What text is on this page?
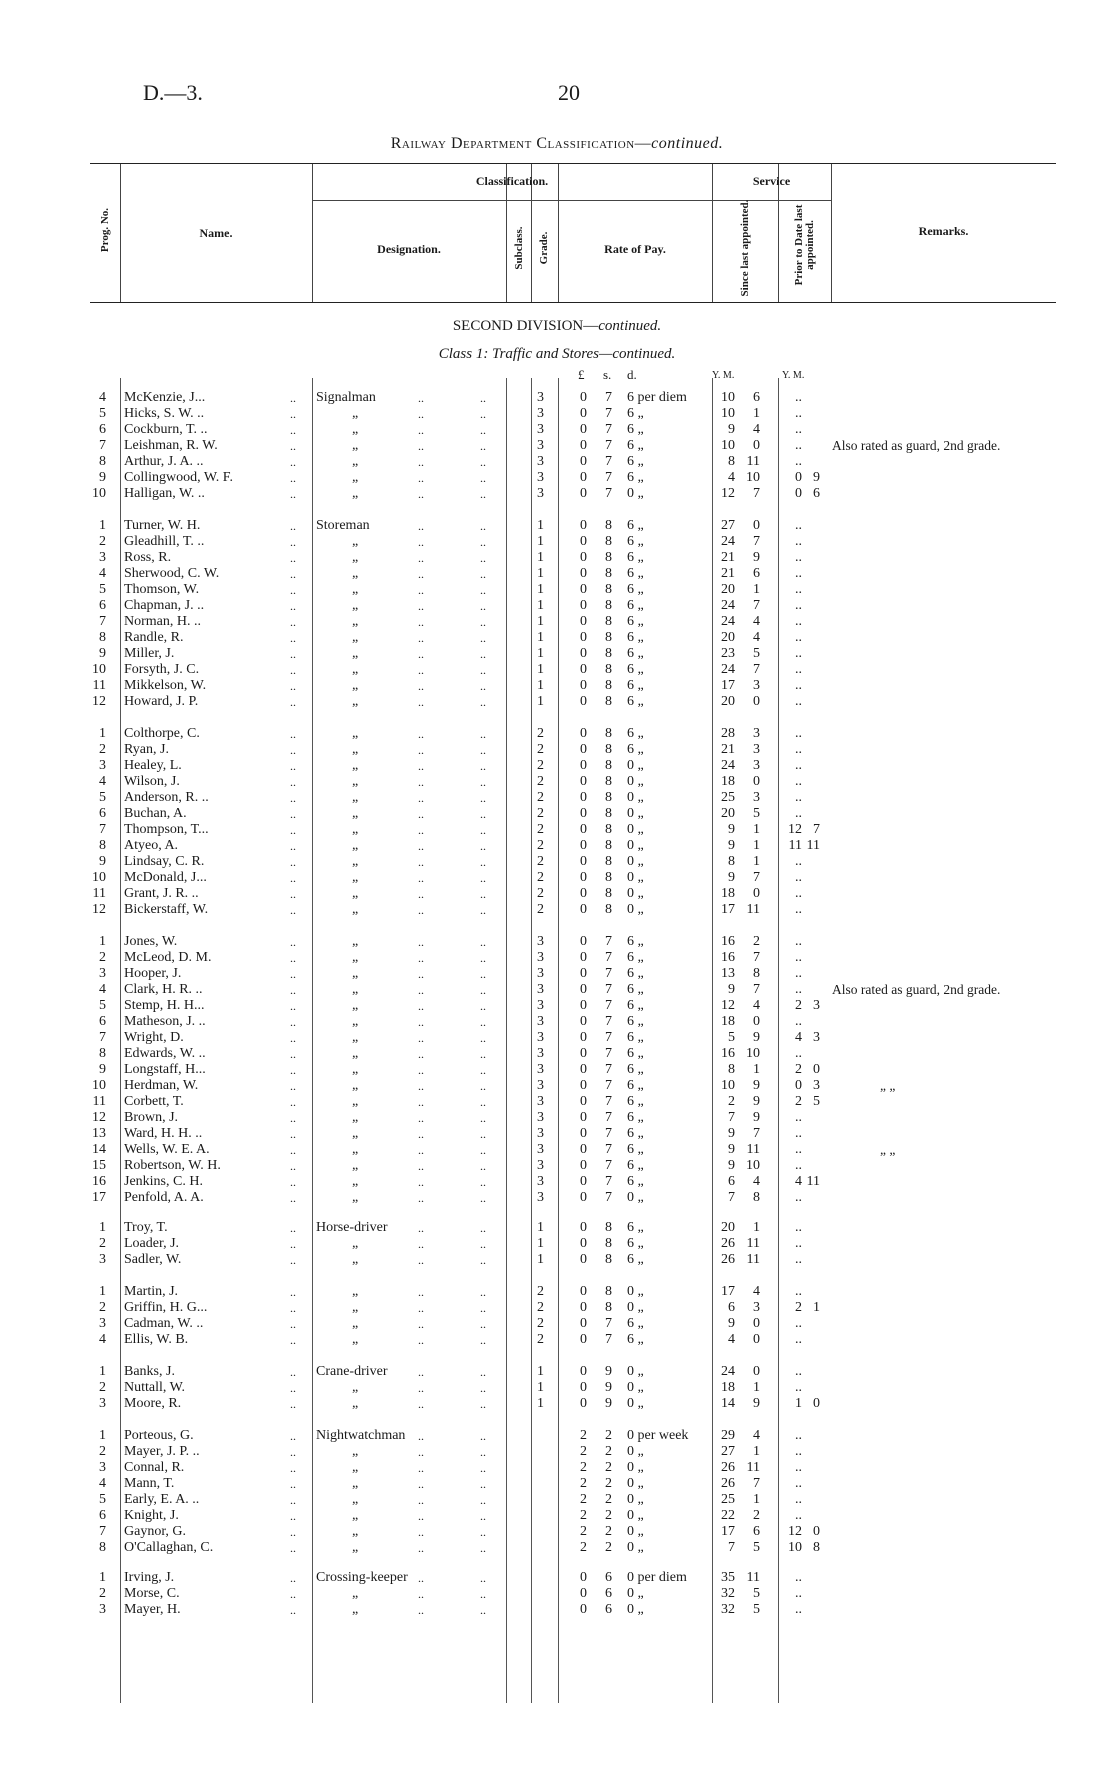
D.—3.	20
Railway Department Classification—continued.
Prog. No.	Name.
Classification.
Designation.	Subclass. Grade.	Rate of Pay.
Service
Since last appointed.	Prior to Date last appointed.	Remarks.
SECOND DIVISION—continued.
Class 1: Traffic and Stores—continued.
£ s. d.	Y. M.	Y. M.
4 McKenzie, J...	.. Signalman	..	..	3	0 7 6 per diem	10	6	..
5 Hicks, S. W. ..	..	„	..	..	3	0 7 6 „	10	1	..
6 Cockburn, T. ..	..	„	..	..	3	0 7 6 „	9	4	..
7 Leishman, R. W.	..	„	..	..	3	0 7 6 „	10	0	.. Also rated as guard, 2nd grade.
8 Arthur, J. A. ..	..	„	..	..	3	0 7 6 „	8 11	..
9 Collingwood, W. F.	..	„	..	..	3	0 7 6 „	4 10	0 9
10 Halligan, W. ..	..	„	..	..	3	0 7 0 „	12	7	0 6
1 Turner, W. H.	.. Storeman	..	..	1	0 8 6 „	27	0	..
2 Gleadhill, T. ..	..	„	..	..	1	0 8 6 „	24	7	..
3 Ross, R.	..	„	..	..	1	0 8 6 „	21	9	..
4 Sherwood, C. W.	..	„	..	..	1	0 8 6 „	21	6	..
5 Thomson, W.	..	„	..	..	1	0 8 6 „	20	1	..
6 Chapman, J. ..	..	„	..	..	1	0 8 6 „	24	7	..
7 Norman, H. ..	..	„	..	..	1	0 8 6 „	24	4	..
8 Randle, R.	..	„	..	..	1	0 8 6 „	20	4	..
9 Miller, J.	..	„	..	..	1	0 8 6 „	23	5	..
10 Forsyth, J. C.	..	„	..	..	1	0 8 6 „	24	7	..
11 Mikkelson, W.	..	„	..	..	1	0 8 6 „	17	3	..
12 Howard, J. P.	..	„	..	..	1	0 8 6 „	20	0	..
1 Colthorpe, C.	..	„	..	..	2	0 8 6 „	28	3	..
2 Ryan, J.	..	„	..	..	2	0 8 6 „	21	3	..
3 Healey, L.	..	„	..	..	2	0 8 0 „	24	3	..
4 Wilson, J.	..	„	..	..	2	0 8 0 „	18	0	..
5 Anderson, R. ..	..	„	..	..	2	0 8 0 „	25	3	..
6 Buchan, A.	..	„	..	..	2	0 8 0 „	20	5	..
7 Thompson, T...	..	„	..	..	2	0 8 0 „	9	1	12 7
8 Atyeo, A.	..	„	..	..	2	0 8 0 „	9	1	11 11
9 Lindsay, C. R.	..	„	..	..	2	0 8 0 „	8	1	..
10 McDonald, J...	..	„	..	..	2	0 8 0 „	9	7	..
11 Grant, J. R. ..	..	„	..	..	2	0 8 0 „	18	0	..
12 Bickerstaff, W.	..	„	..	..	2	0 8 0 „	17 11	..
1 Jones, W.	..	„	..	..	3	0 7 6 „	16	2	..
2 McLeod, D. M.	..	„	..	..	3	0 7 6 „	16	7	..
3 Hooper, J.	..	„	..	..	3	0 7 6 „	13	8	..
4 Clark, H. R. ..	..	„	..	..	3	0 7 6 „	9	7	.. Also rated as guard, 2nd grade.
5 Stemp, H. H...	..	„	..	..	3	0 7 6 „	12	4	2 3
6 Matheson, J. ..	..	„	..	..	3	0 7 6 „	18	0	..
7 Wright, D.	..	„	..	..	3	0 7 6 „	5	9	4 3
8 Edwards, W. ..	..	„	..	..	3	0 7 6 „	16 10	..
9 Longstaff, H...	..	„	..	..	3	0 7 6 „	8	1	2 0
10 Herdman, W.	..	„	..	..	3	0 7 6 „	10	9	0 3	„ „
11 Corbett, T.	..	„	..	..	3	0 7 6 „	2	9	2 5
12 Brown, J.	..	„	..	..	3	0 7 6 „	7	9	..
13 Ward, H. H. ..	..	„	..	..	3	0 7 6 „	9	7	..
14 Wells, W. E. A.	..	„	..	..	3	0 7 6 „	9 11	..	„ „
15 Robertson, W. H.	..	„	..	..	3	0 7 6 „	9 10	..
16 Jenkins, C. H.	..	„	..	..	3	0 7 6 „	6	4	4 11
17 Penfold, A. A.	..	„	..	..	3	0 7 0 „	7	8	..
1 Troy, T.	.. Horse-driver	..	..	1	0 8 6 „	20	1	..
2 Loader, J.	..	„	..	..	1	0 8 6 „	26 11	..
3 Sadler, W.	..	„	..	..	1	0 8 6 „	26 11	..
1 Martin, J.	..	„	..	..	2	0 8 0 „	17	4	..
2 Griffin, H. G...	..	„	..	..	2	0 8 0 „	6	3	2 1
3 Cadman, W. ..	..	„	..	..	2	0 7 6 „	9	0	..
4 Ellis, W. B.	..	„	..	..	2	0 7 6 „	4	0	..
1 Banks, J.	.. Crane-driver	..	..	1	0 9 0 „	24	0	..
2 Nuttall, W.	..	„	..	..	1	0 9 0 „	18	1	..
3 Moore, R.	..	„	..	..	1	0 9 0 „	14	9	1 0
1 Porteous, G.	.. Nightwatchman ..	..	2 2 0 per week	29	4	..
2 Mayer, J. P. ..	..	„	..	..	2 2 0 „	27	1	..
3 Connal, R.	..	„	..	..	2 2 0 „	26 11	..
4 Mann, T.	..	„	..	..	2 2 0 „	26	7	..
5 Early, E. A. ..	..	„	..	..	2 2 0 „	25	1	..
6 Knight, J.	..	„	..	..	2 2 0 „	22	2	..
7 Gaynor, G.	..	„	..	..	2 2 0 „	17	6	12 0
8 O'Callaghan, C.	..	„	..	..	2 2 0 „	7	5	10 8
1 Irving, J.	.. Crossing-keeper ..	..	0 6 0 per diem	35 11	..
2 Morse, C.	..	„	..	..	0 6 0 „	32	5	..
3 Mayer, H.	..	„	..	..	0 6 0 „	32	5	..
